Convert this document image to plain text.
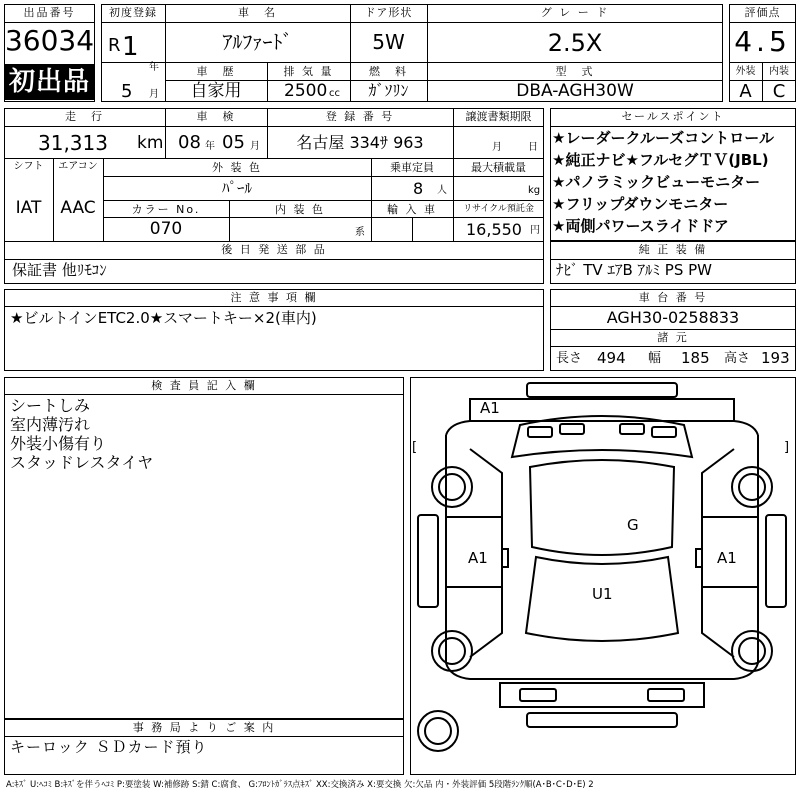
出品番号
36034
初出品
初度登録
R 1
年
5 月
車　名
ｱﾙﾌｧｰﾄﾞ
ドア形状
5W
グ レ ー ド
2.5X
車　歴
自家用
排 気 量
2500 cc
燃　料
ｶﾞｿﾘﾝ
型　式
DBA-AGH30W
評価点
4.5
外装	内装
A	C
走　行
31,313 km
車　検
08 年 05 月
登 録 番 号
名古屋 334ｻ 963
譲渡書類期限
月	日
シフト
IAT
エアコン
AAC
外 装 色
ﾊﾟｰﾙ
乗車定員
8 人
最大積載量
kg
カラー No.
070
内 装 色
系
輸 入 車	リサイクル預託金
16,550 円
後 日 発 送 部 品
保証書 他ﾘﾓｺﾝ
セールスポイント
★レーダークルーズコントロール
★純正ナビ★フルセグＴＶ(JBL)
★パノラミックビューモニター
★フリップダウンモニター
★両側パワースライドドア
純 正 装 備
ﾅﾋﾞ TV ｴｱB ｱﾙﾐ PS PW
注 意 事 項 欄
★ビルトインETC2.0★スマートキー×2(車内)
車 台 番 号
AGH30-0258833
諸 元
長さ 494 幅 185 高さ 193
検 査 員 記 入 欄
シートしみ
室内薄汚れ
外装小傷有り
スタッドレスタイヤ
事 務 局 よ り ご 案 内
キーロック ＳＤカード預り
A1
G
A1	A1
U1
[	]
A:ｷｽﾞ U:ﾍｺﾐ B:ｷｽﾞを伴うﾍｺﾐ P:要塗装 W:補修跡 S:錆 C:腐食、 G:ﾌﾛﾝﾄｶﾞﾗｽ点ｷｽﾞ XX:交換済み X:要交換 欠:欠品 内・外装評価 5段階ﾗﾝｸ順(A･B･C･D･E) 2
